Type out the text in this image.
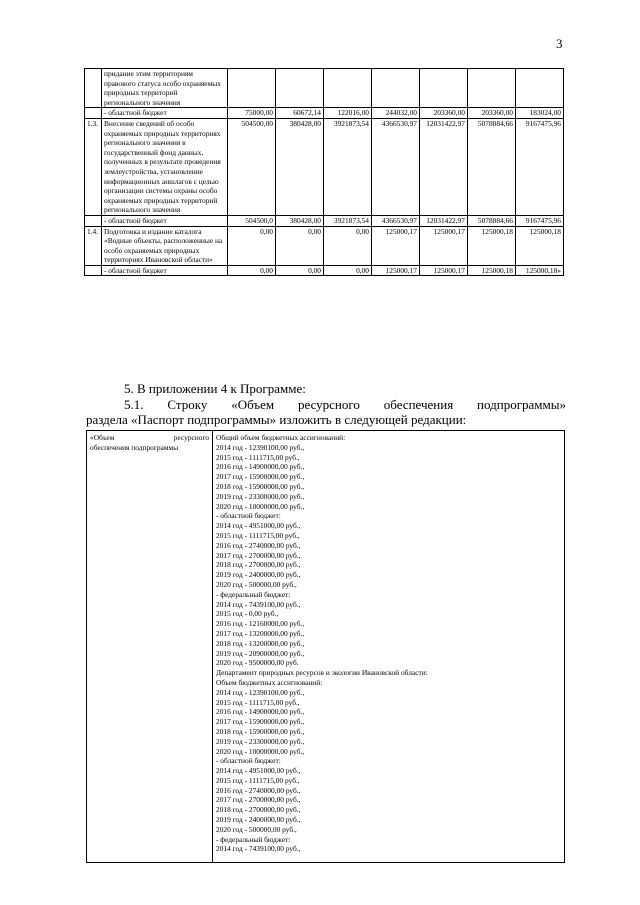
3
	придание этим территориям правового статуса особо охраняемых природных территорий регионального значения							
	- областной бюджет	75000,00	60672,14	122016,00	244032,00	203360,00	203360,00	183024,00
1.3.	Внесение сведений об особо охраняемых природных территориях регионального значения в государственный фонд данных, полученных в результате проведения землеустройства, установление информационных аншлагов с целью организации системы охраны особо охраняемых природных территорий регионального значения	504500,00	380428,00	3921873,54	4366530,97	12031422,97	5078884,66	9167475,96
	- областной бюджет	504500,0	380428,00	3921873,54	4366530,97	12031422,97	5078884,66	9167475,96
1.4.	Подготовка и издание каталога «Водные объекты, расположенные на особо охраняемых природных территориях Ивановской области»	0,00	0,00	0,00	125000,17	125000,17	125000,18	125000,18
	- областной бюджет	0,00	0,00	0,00	125000,17	125000,17	125000,18	125000,18»
5. В приложении 4 к Программе:
5.1. Строку «Объем ресурсного обеспечения подпрограммы»
раздела «Паспорт подпрограммы» изложить в следующей редакции:
«Объем ресурсного
обеспечения подпрограммы

Общий объем бюджетных ассигнований:
2014 год - 12390100,00 руб.,
2015 год - 1111715,00 руб.,
2016 год - 14900000,00 руб.,
2017 год - 15900000,00 руб.,
2018 год - 15900000,00 руб.,
2019 год - 23300000,00 руб.,
2020 год - 10000000,00 руб.,
- областной бюджет:
2014 год - 4951000,00 руб.,
2015 год - 1111715,00 руб.,
2016 год - 2740000,00 руб.,
2017 год - 2700000,00 руб.,
2018 год - 2700000,00 руб.,
2019 год - 2400000,00 руб.,
2020 год - 500000,00 руб.,
- федеральный бюджет:
2014 год - 7439100,00 руб.,
2015 год - 0,00 руб.,
2016 год - 12160000,00 руб.,
2017 год - 13200000,00 руб.,
2018 год - 13200000,00 руб.,
2019 год - 20900000,00 руб.,
2020 год - 9500000,00 руб.
Департамент природных ресурсов и экологии Ивановской области:
Объем бюджетных ассигнований:
2014 год - 12390100,00 руб.,
2015 год - 1111715,00 руб.,
2016 год - 14900000,00 руб.,
2017 год - 15900000,00 руб.,
2018 год - 15900000,00 руб.,
2019 год - 23300000,00 руб.,
2020 год - 10000000,00 руб.,
- областной бюджет:
2014 год - 4951000,00 руб.,
2015 год - 1111715,00 руб.,
2016 год - 2740000,00 руб.,
2017 год - 2700000,00 руб.,
2018 год - 2700000,00 руб.,
2019 год - 2400000,00 руб.,
2020 год - 500000,00 руб.,
- федеральный бюджет:
2014 год - 7439100,00 руб.,
